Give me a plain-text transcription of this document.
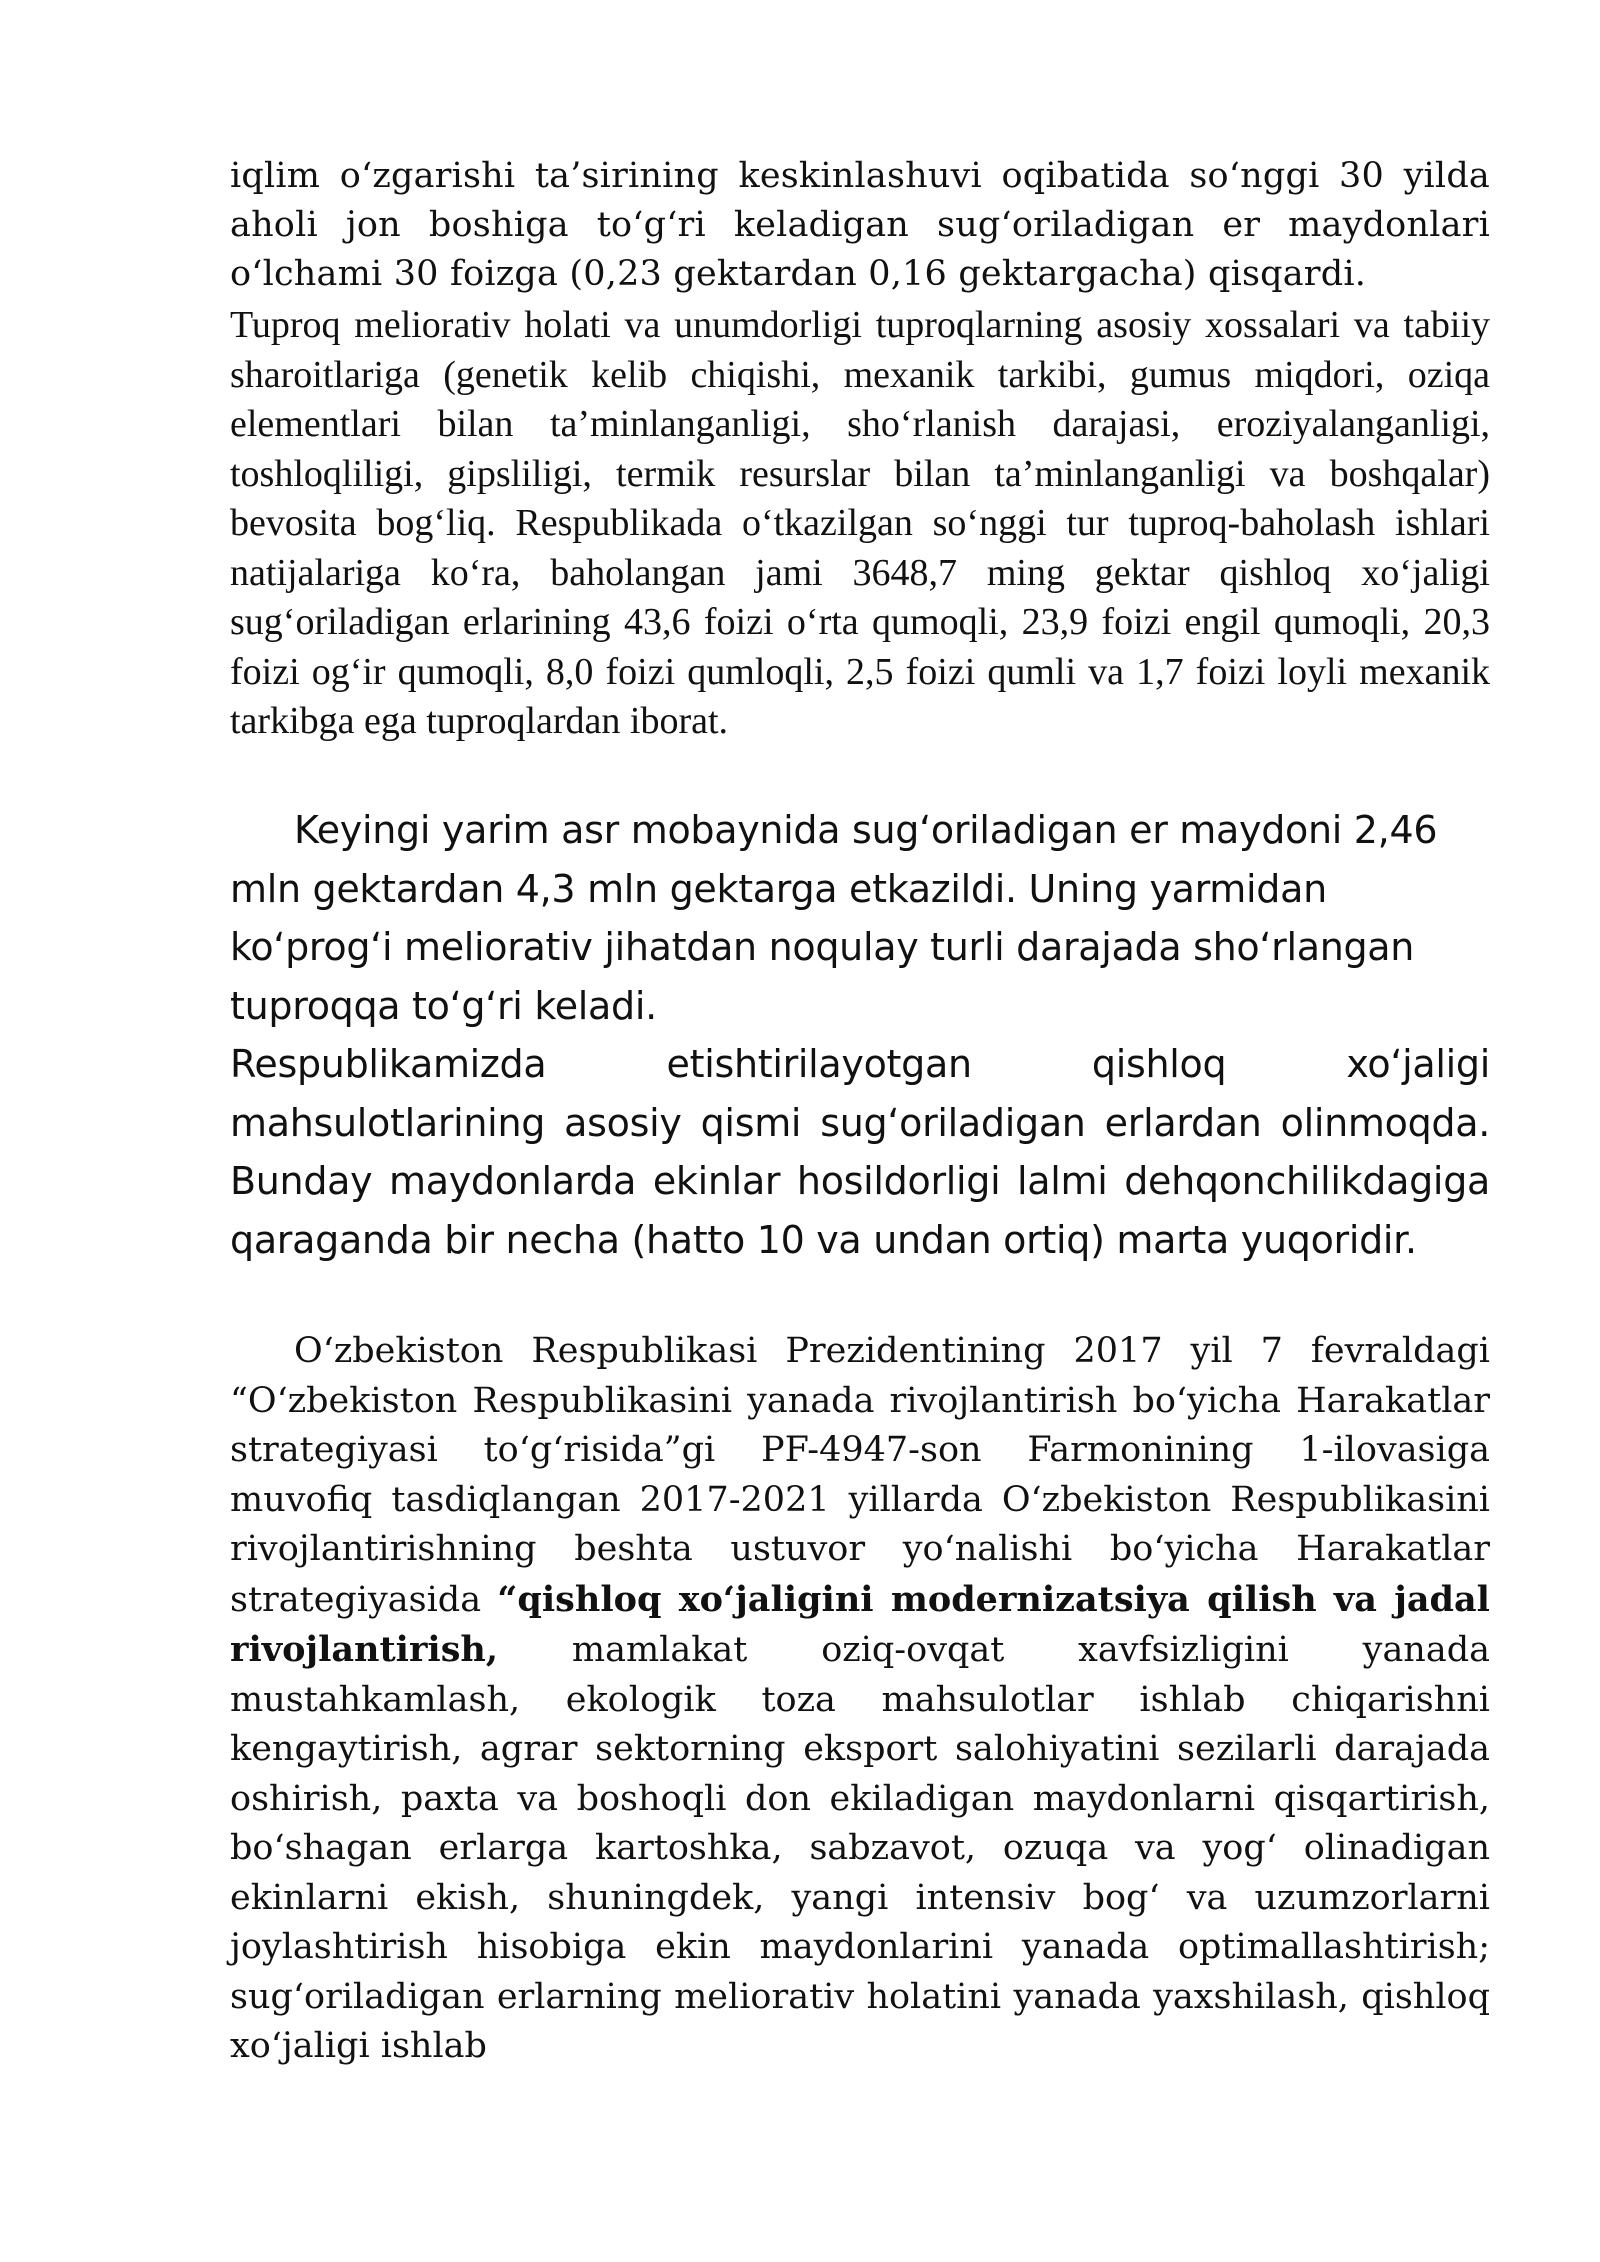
iqlim o‘zgarishi ta’sirining keskinlashuvi oqibatida so‘nggi 30 yilda aholi jon boshiga to‘g‘ri keladigan sug‘oriladigan er maydonlari o‘lchami 30 foizga (0,23 gektardan 0,16 gektargacha) qisqardi.

Tuproq meliorativ holati va unumdorligi tuproqlarning asosiy xossalari va tabiiy sharoitlariga (genetik kelib chiqishi, mexanik tarkibi, gumus miqdori, oziqa elementlari bilan ta’minlanganligi, sho‘rlanish darajasi, eroziyalanganligi, toshloqliligi, gipsliligi, termik resurslar bilan ta’minlanganligi va boshqalar) bevosita bog‘liq. Respublikada o‘tkazilgan so‘nggi tur tuproq-baholash ishlari natijalariga ko‘ra, baholangan jami 3648,7 ming gektar qishloq xo‘jaligi sug‘oriladigan erlarining 43,6 foizi o‘rta qumoqli, 23,9 foizi engil qumoqli, 20,3 foizi og‘ir qumoqli, 8,0 foizi qumloqli, 2,5 foizi qumli va 1,7 foizi loyli mexanik tarkibga ega tuproqlardan iborat.

Keyingi yarim asr mobaynida sug‘oriladigan er maydoni 2,46 mln gektardan 4,3 mln gektarga etkazildi. Uning yarmidan ko‘prog‘i meliorativ jihatdan noqulay turli darajada sho‘rlangan tuproqqa to‘g‘ri keladi.

Respublikamizda etishtirilayotgan qishloq xo‘jaligi mahsulotlarining asosiy qismi sug‘oriladigan erlardan olinmoqda. Bunday maydonlarda ekinlar hosildorligi lalmi dehqonchilikdagiga qaraganda bir necha (hatto 10 va undan ortiq) marta yuqoridir.

O‘zbekiston Respublikasi Prezidentining 2017 yil 7 fevraldagi “O‘zbekiston Respublikasini yanada rivojlantirish bo‘yicha Harakatlar strategiyasi to‘g‘risida”gi PF-4947-son Farmonining 1-ilovasiga muvofiq tasdiqlangan 2017-2021 yillarda O‘zbekiston Respublikasini rivojlantirishning beshta ustuvor yo‘nalishi bo‘yicha Harakatlar strategiyasida “qishloq xo‘jaligini modernizatsiya qilish va jadal rivojlantirish, mamlakat oziq-ovqat xavfsizligini yanada mustahkamlash, ekologik toza mahsulotlar ishlab chiqarishni kengaytirish, agrar sektorning eksport salohiyatini sezilarli darajada oshirish, paxta va boshoqli don ekiladigan maydonlarni qisqartirish, bo‘shagan erlarga kartoshka, sabzavot, ozuqa va yog‘ olinadigan ekinlarni ekish, shuningdek, yangi intensiv bog‘ va uzumzorlarni joylashtirish hisobiga ekin maydonlarini yanada optimallashtirish; sug‘oriladigan erlarning meliorativ holatini yanada yaxshilash, qishloq xo‘jaligi ishlab
